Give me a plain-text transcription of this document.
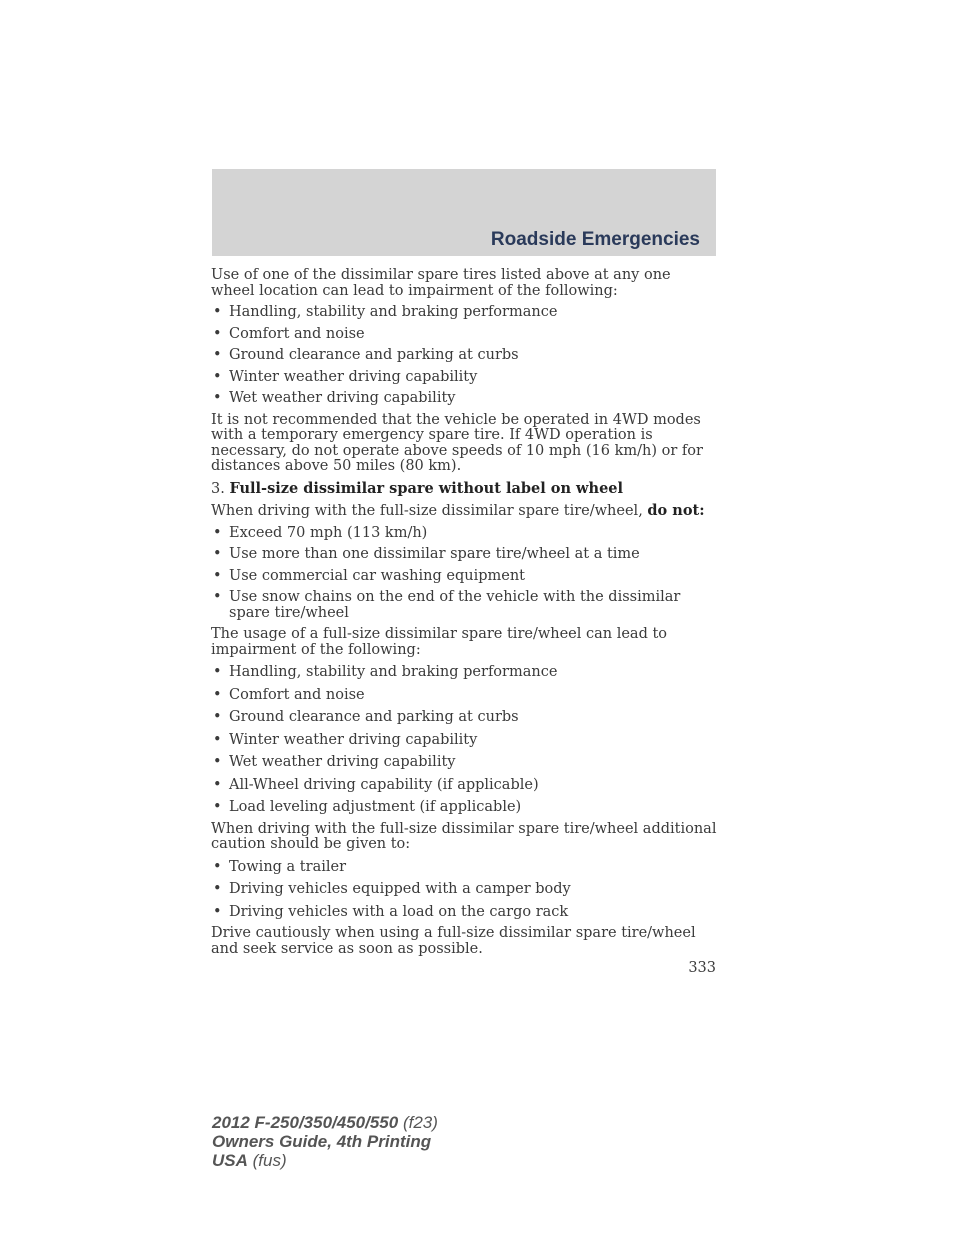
Roadside Emergencies

Use of one of the dissimilar spare tires listed above at any one wheel location can lead to impairment of the following:

• Handling, stability and braking performance
• Comfort and noise
• Ground clearance and parking at curbs
• Winter weather driving capability
• Wet weather driving capability

It is not recommended that the vehicle be operated in 4WD modes with a temporary emergency spare tire. If 4WD operation is necessary, do not operate above speeds of 10 mph (16 km/h) or for distances above 50 miles (80 km).

3. Full-size dissimilar spare without label on wheel

When driving with the full-size dissimilar spare tire/wheel, do not:

• Exceed 70 mph (113 km/h)
• Use more than one dissimilar spare tire/wheel at a time
• Use commercial car washing equipment
• Use snow chains on the end of the vehicle with the dissimilar spare tire/wheel

The usage of a full-size dissimilar spare tire/wheel can lead to impairment of the following:

• Handling, stability and braking performance
• Comfort and noise
• Ground clearance and parking at curbs
• Winter weather driving capability
• Wet weather driving capability
• All-Wheel driving capability (if applicable)
• Load leveling adjustment (if applicable)

When driving with the full-size dissimilar spare tire/wheel additional caution should be given to:

• Towing a trailer
• Driving vehicles equipped with a camper body
• Driving vehicles with a load on the cargo rack

Drive cautiously when using a full-size dissimilar spare tire/wheel and seek service as soon as possible.

333
2012 F-250/350/450/550 (f23)
Owners Guide, 4th Printing
USA (fus)
